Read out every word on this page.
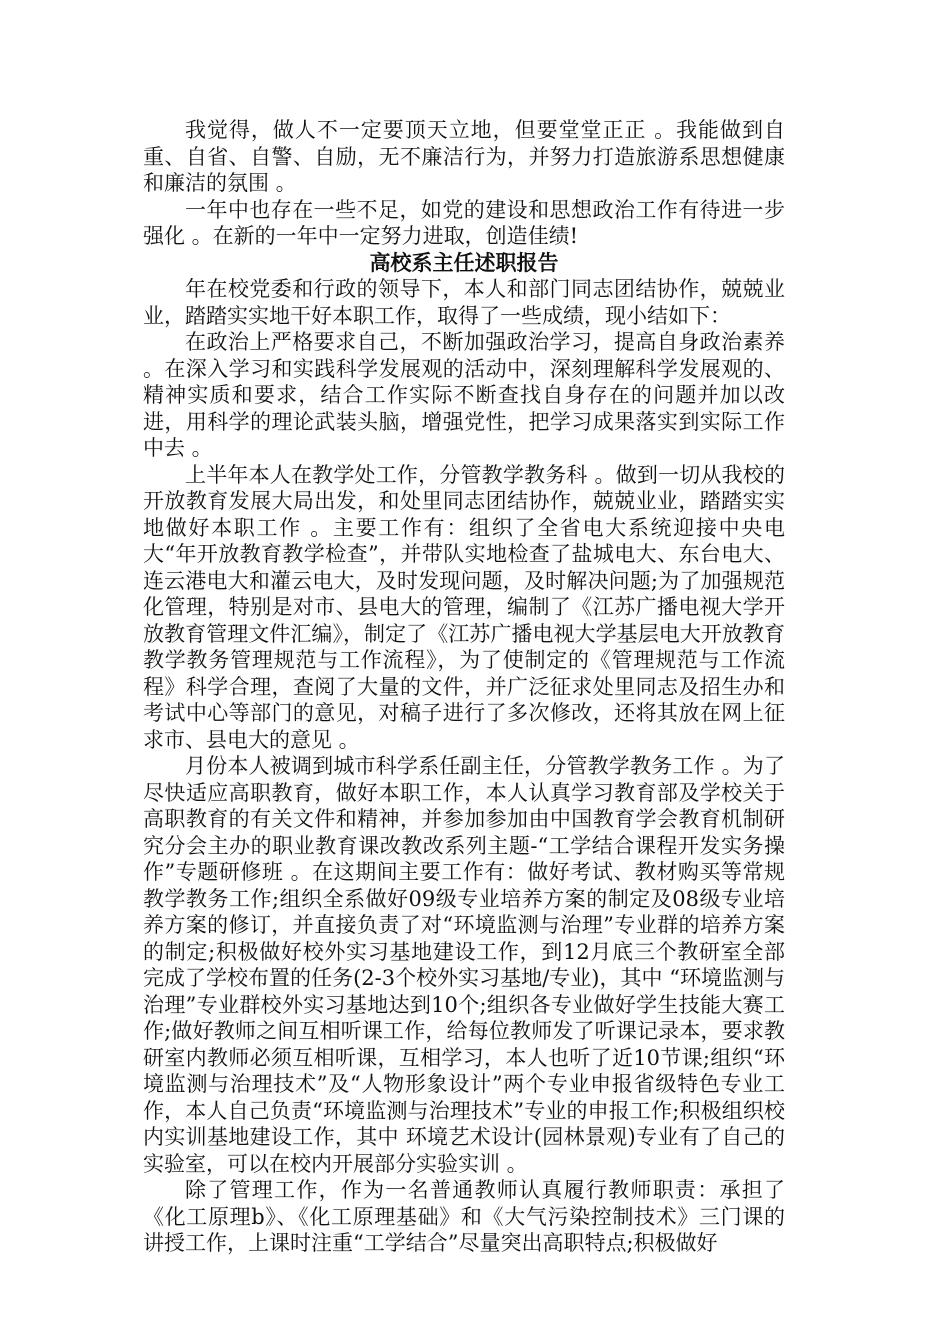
我觉得，做人不一定要顶天立地，但要堂堂正正 。我能做到自重、自省、自警、自励，无不廉洁行为，并努力打造旅游系思想健康和廉洁的氛围 。

一年中也存在一些不足，如党的建设和思想政治工作有待进一步强化 。在新的一年中一定努力进取，创造佳绩!

高校系主任述职报告

年在校党委和行政的领导下，本人和部门同志团结协作，兢兢业业，踏踏实实地干好本职工作，取得了一些成绩，现小结如下：

在政治上严格要求自己，不断加强政治学习，提高自身政治素养 。在深入学习和实践科学发展观的活动中，深刻理解科学发展观的、精神实质和要求，结合工作实际不断查找自身存在的问题并加以改进，用科学的理论武装头脑，增强党性，把学习成果落实到实际工作中去 。

上半年本人在教学处工作，分管教学教务科 。做到一切从我校的开放教育发展大局出发，和处里同志团结协作，兢兢业业，踏踏实实地做好本职工作 。主要工作有：组织了全省电大系统迎接中央电大“年开放教育教学检查”，并带队实地检查了盐城电大、东台电大、连云港电大和灌云电大，及时发现问题，及时解决问题;为了加强规范化管理，特别是对市、县电大的管理，编制了《江苏广播电视大学开放教育管理文件汇编》，制定了《江苏广播电视大学基层电大开放教育教学教务管理规范与工作流程》，为了使制定的《管理规范与工作流程》科学合理，查阅了大量的文件，并广泛征求处里同志及招生办和考试中心等部门的意见，对稿子进行了多次修改，还将其放在网上征求市、县电大的意见 。

月份本人被调到城市科学系任副主任，分管教学教务工作 。为了尽快适应高职教育，做好本职工作，本人认真学习教育部及学校关于高职教育的有关文件和精神，并参加参加由中国教育学会教育机制研究分会主办的职业教育课改教改系列主题-“工学结合课程开发实务操作”专题研修班 。在这期间主要工作有：做好考试、教材购买等常规教学教务工作;组织全系做好09级专业培养方案的制定及08级专业培养方案的修订，并直接负责了对“环境监测与治理”专业群的培养方案的制定;积极做好校外实习基地建设工作，到12月底三个教研室全部完成了学校布置的任务(2-3个校外实习基地/专业)，其中 “环境监测与治理”专业群校外实习基地达到10个;组织各专业做好学生技能大赛工作;做好教师之间互相听课工作，给每位教师发了听课记录本，要求教研室内教师必须互相听课，互相学习，本人也听了近10节课;组织“环境监测与治理技术”及“人物形象设计”两个专业申报省级特色专业工作，本人自己负责“环境监测与治理技术”专业的申报工作;积极组织校内实训基地建设工作，其中 环境艺术设计(园林景观)专业有了自己的实验室，可以在校内开展部分实验实训 。

除了管理工作，作为一名普通教师认真履行教师职责：承担了《化工原理b》、《化工原理基础》和《大气污染控制技术》三门课的讲授工作，上课时注重“工学结合”尽量突出高职特点;积极做好
